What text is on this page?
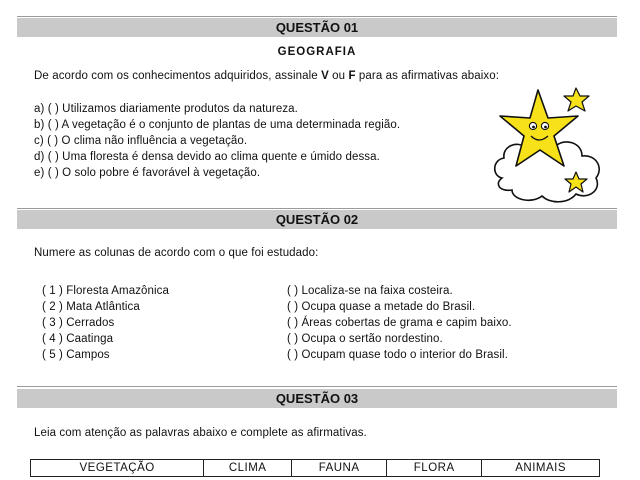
QUESTÃO 01
GEOGRAFIA
De acordo com os conhecimentos adquiridos, assinale V ou F para as afirmativas abaixo:
a) ( ) Utilizamos diariamente produtos da natureza.
b) ( ) A vegetação é o conjunto de plantas de uma determinada região.
c) ( ) O clima não influência a vegetação.
d) ( ) Uma floresta é densa devido ao clima quente e úmido dessa.
e) ( ) O solo pobre é favorável à vegetação.
QUESTÃO 02
Numere as colunas de acordo com o que foi estudado:
( 1 ) Floresta Amazônica
( 2 ) Mata Atlântica
( 3 ) Cerrados
( 4 ) Caatinga
( 5 ) Campos
( ) Localiza-se na faixa costeira.
( ) Ocupa quase a metade do Brasil.
( ) Áreas cobertas de grama e capim baixo.
( ) Ocupa o sertão nordestino.
( ) Ocupam quase todo o interior do Brasil.
QUESTÃO 03
Leia com atenção as palavras abaixo e complete as afirmativas.
VEGETAÇÃO	CLIMA	FAUNA	FLORA	ANIMAIS
